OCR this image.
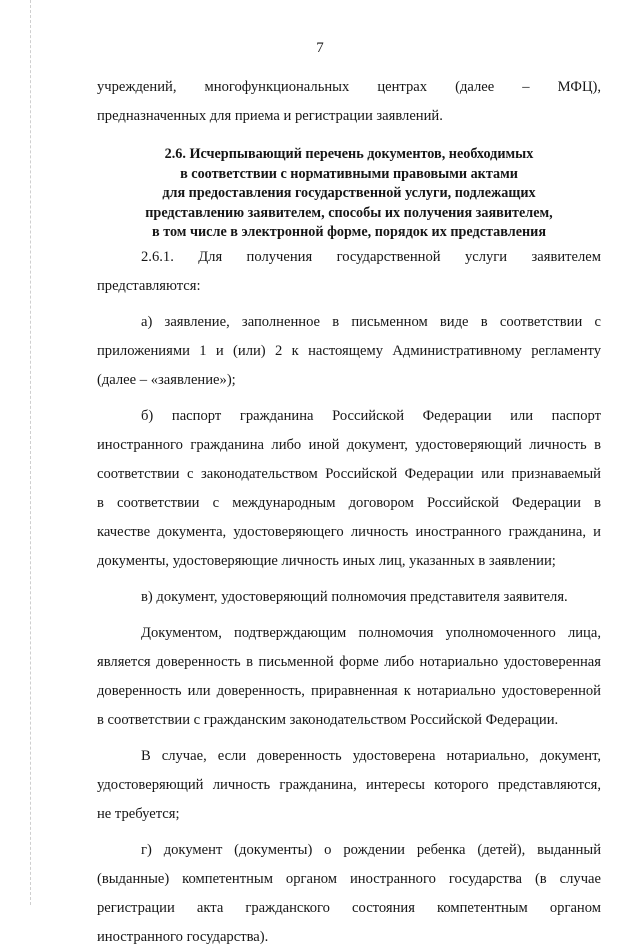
7
учреждений, многофункциональных центрах (далее – МФЦ),
предназначенных для приема и регистрации заявлений.
2.6. Исчерпывающий перечень документов, необходимых
в соответствии с нормативными правовыми актами
для предоставления государственной услуги, подлежащих
представлению заявителем, способы их получения заявителем,
в том числе в электронной форме, порядок их представления
2.6.1. Для получения государственной услуги заявителем
представляются:
а) заявление, заполненное в письменном виде в соответствии с
приложениями 1 и (или) 2 к настоящему Административному регламенту
(далее – «заявление»);
б) паспорт гражданина Российской Федерации или паспорт
иностранного гражданина либо иной документ, удостоверяющий личность в
соответствии с законодательством Российской Федерации или признаваемый
в соответствии с международным договором Российской Федерации в
качестве документа, удостоверяющего личность иностранного гражданина, и
документы, удостоверяющие личность иных лиц, указанных в заявлении;
в) документ, удостоверяющий полномочия представителя заявителя.
Документом, подтверждающим полномочия уполномоченного лица,
является доверенность в письменной форме либо нотариально удостоверенная
доверенность или доверенность, приравненная к нотариально удостоверенной
в соответствии с гражданским законодательством Российской Федерации.
В случае, если доверенность удостоверена нотариально, документ,
удостоверяющий личность гражданина, интересы которого представляются,
не требуется;
г) документ (документы) о рождении ребенка (детей), выданный
(выданные) компетентным органом иностранного государства (в случае
регистрации акта гражданского состояния компетентным органом
иностранного государства).
